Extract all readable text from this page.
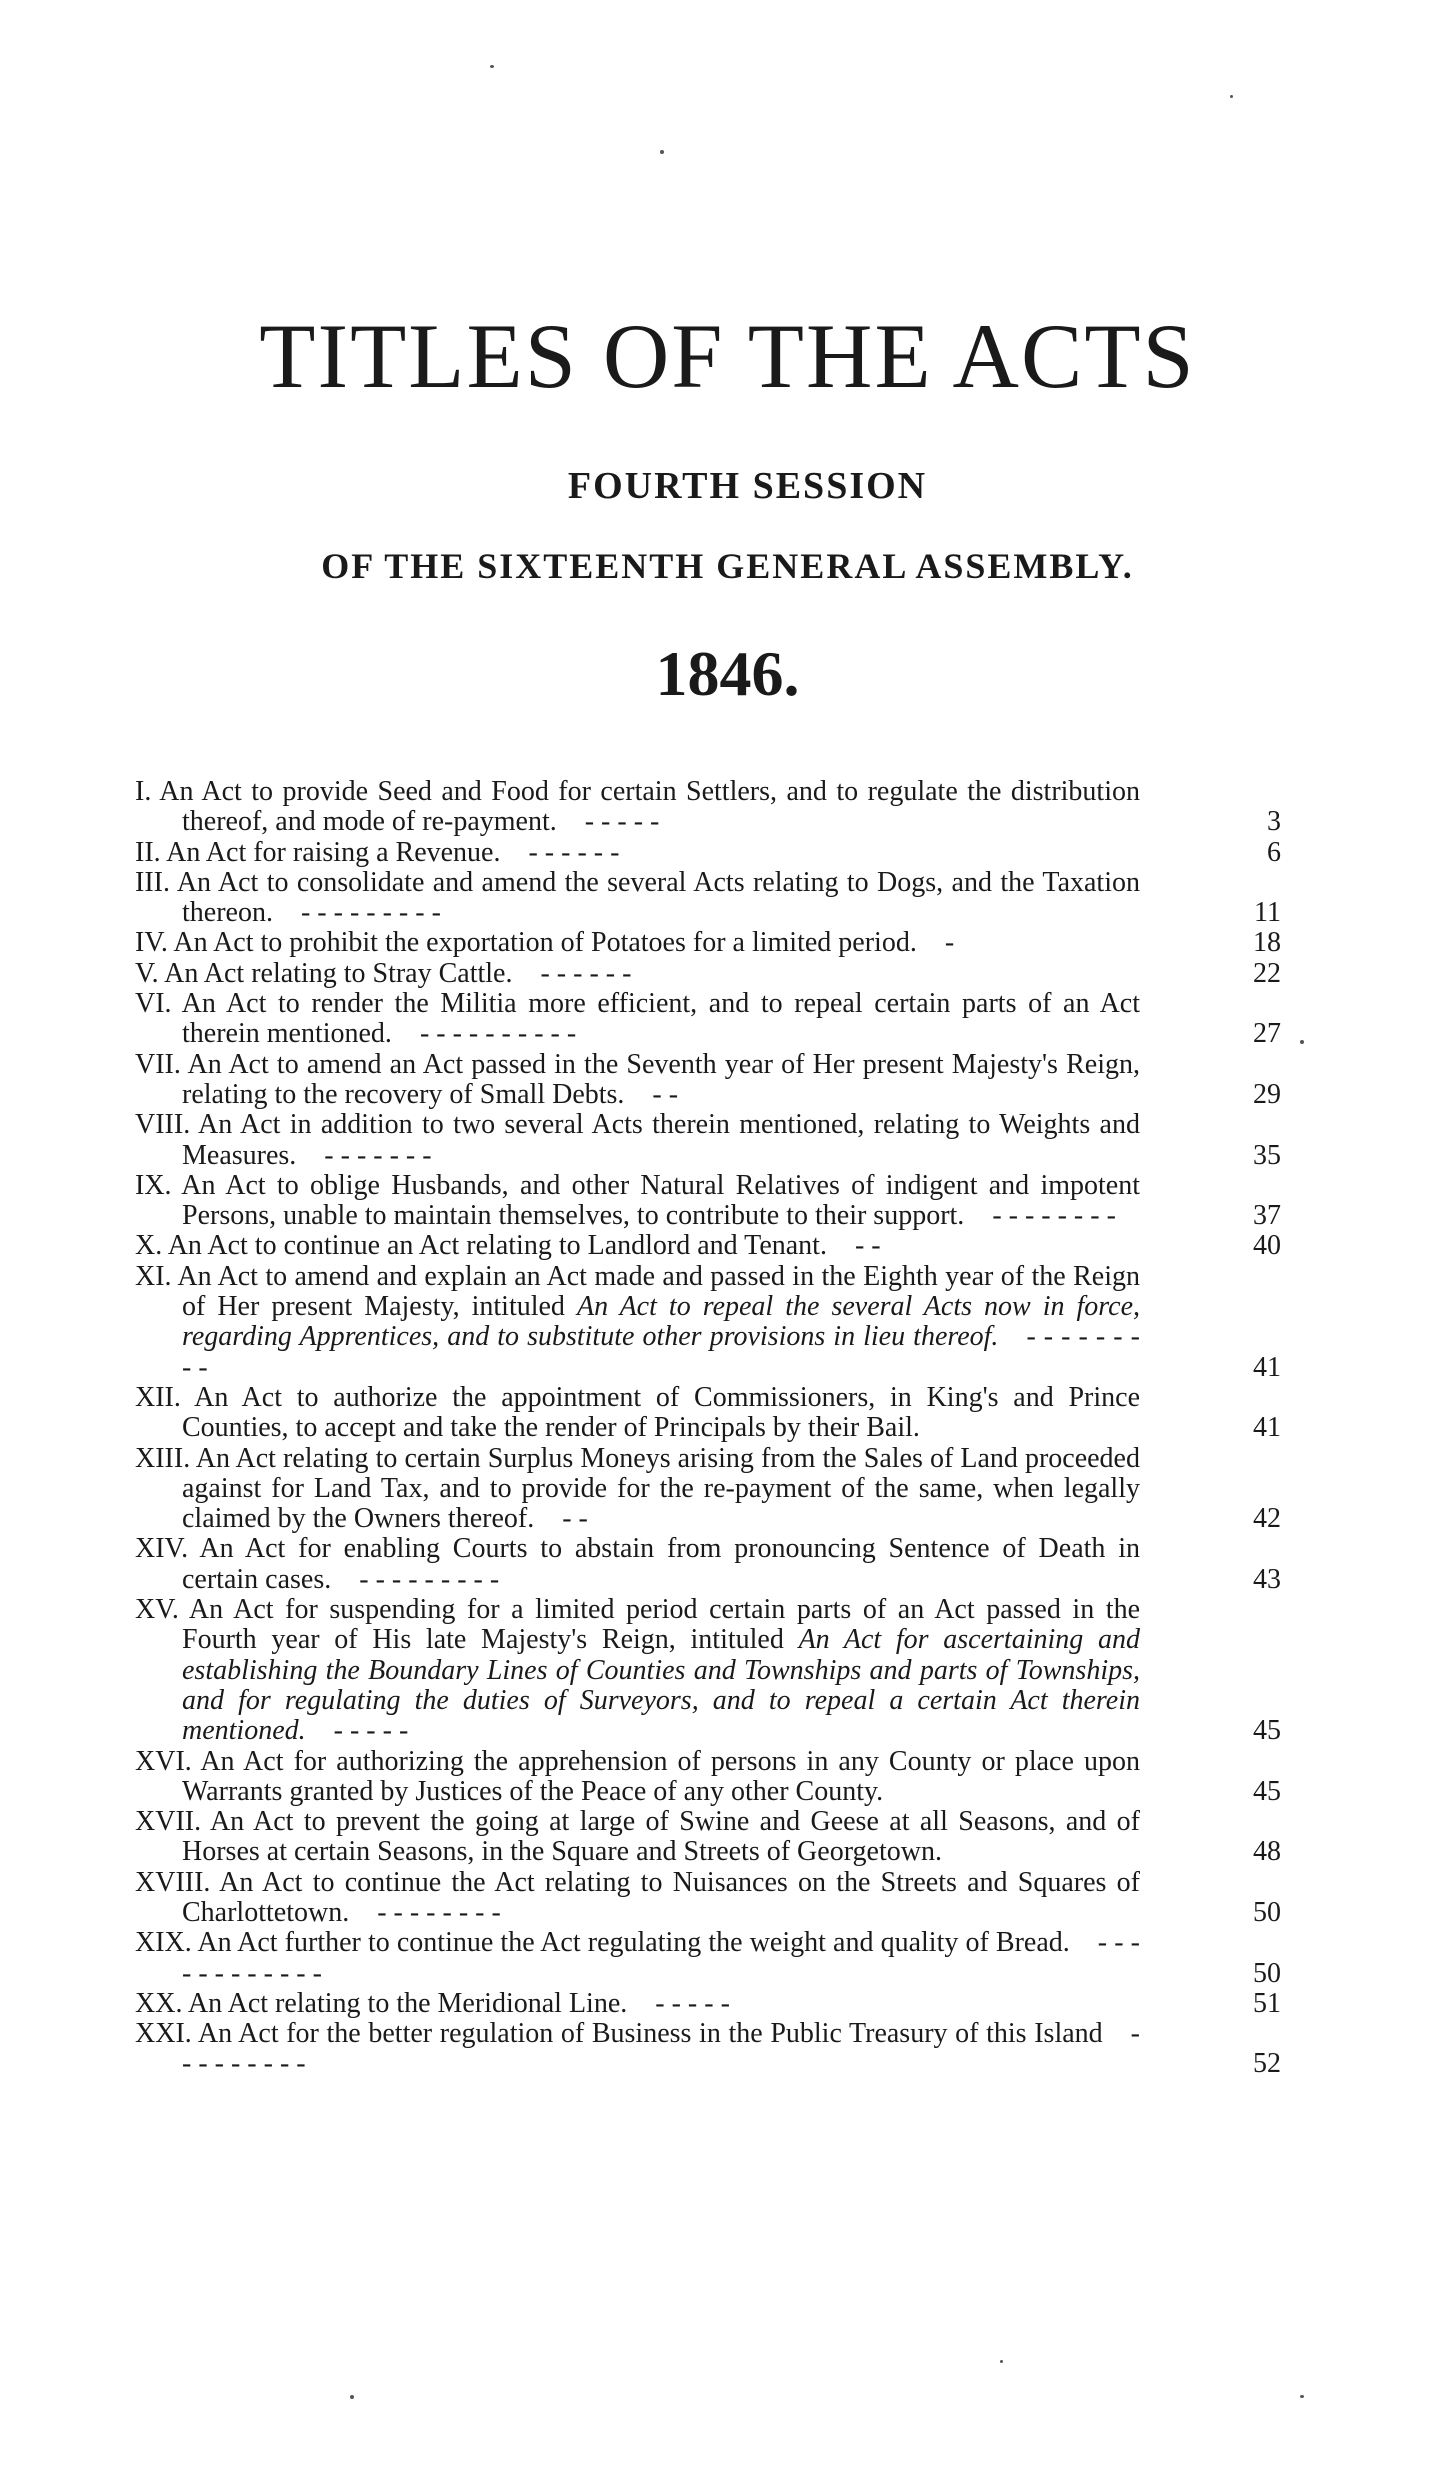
TITLES OF THE ACTS
FOURTH SESSION
OF THE SIXTEENTH GENERAL ASSEMBLY.
1846.
I. An Act to provide Seed and Food for certain Settlers, and to regulate the distribution thereof, and mode of re-payment.  - - - - -	3
II. An Act for raising a Revenue.  - - - - - -	6
III. An Act to consolidate and amend the several Acts relating to Dogs, and the Taxation thereon.  - - - - - - - - -	11
IV. An Act to prohibit the exportation of Potatoes for a limited period.  -	18
V. An Act relating to Stray Cattle.  - - - - - -	22
VI. An Act to render the Militia more efficient, and to repeal certain parts of an Act therein mentioned.  - - - - - - - - - -	27
VII. An Act to amend an Act passed in the Seventh year of Her present Majesty's Reign, relating to the recovery of Small Debts.  - -	29
VIII. An Act in addition to two several Acts therein mentioned, relating to Weights and Measures.  - - - - - - -	35
IX. An Act to oblige Husbands, and other Natural Relatives of indigent and impotent Persons, unable to maintain themselves, to contribute to their support.  - - - - - - - -	37
X. An Act to continue an Act relating to Landlord and Tenant.  - -	40
XI. An Act to amend and explain an Act made and passed in the Eighth year of the Reign of Her present Majesty, intituled An Act to repeal the several Acts now in force, regarding Apprentices, and to substitute other provisions in lieu thereof.  - - - - - - - - -	41
XII. An Act to authorize the appointment of Commissioners, in King's and Prince Counties, to accept and take the render of Principals by their Bail.	41
XIII. An Act relating to certain Surplus Moneys arising from the Sales of Land proceeded against for Land Tax, and to provide for the re-payment of the same, when legally claimed by the Owners thereof.  - -	42
XIV. An Act for enabling Courts to abstain from pronouncing Sentence of Death in certain cases.  - - - - - - - - -	43
XV. An Act for suspending for a limited period certain parts of an Act passed in the Fourth year of His late Majesty's Reign, intituled An Act for ascertaining and establishing the Boundary Lines of Counties and Townships and parts of Townships, and for regulating the duties of Surveyors, and to repeal a certain Act therein mentioned.  - - - - -	45
XVI. An Act for authorizing the apprehension of persons in any County or place upon Warrants granted by Justices of the Peace of any other County.	45
XVII. An Act to prevent the going at large of Swine and Geese at all Seasons, and of Horses at certain Seasons, in the Square and Streets of Georgetown.	48
XVIII. An Act to continue the Act relating to Nuisances on the Streets and Squares of Charlottetown.  - - - - - - - -	50
XIX. An Act further to continue the Act regulating the weight and quality of Bread.  - - - - - - - - - - - -	50
XX. An Act relating to the Meridional Line.  - - - - -	51
XXI. An Act for the better regulation of Business in the Public Treasury of this Island  - - - - - - - - -	52
